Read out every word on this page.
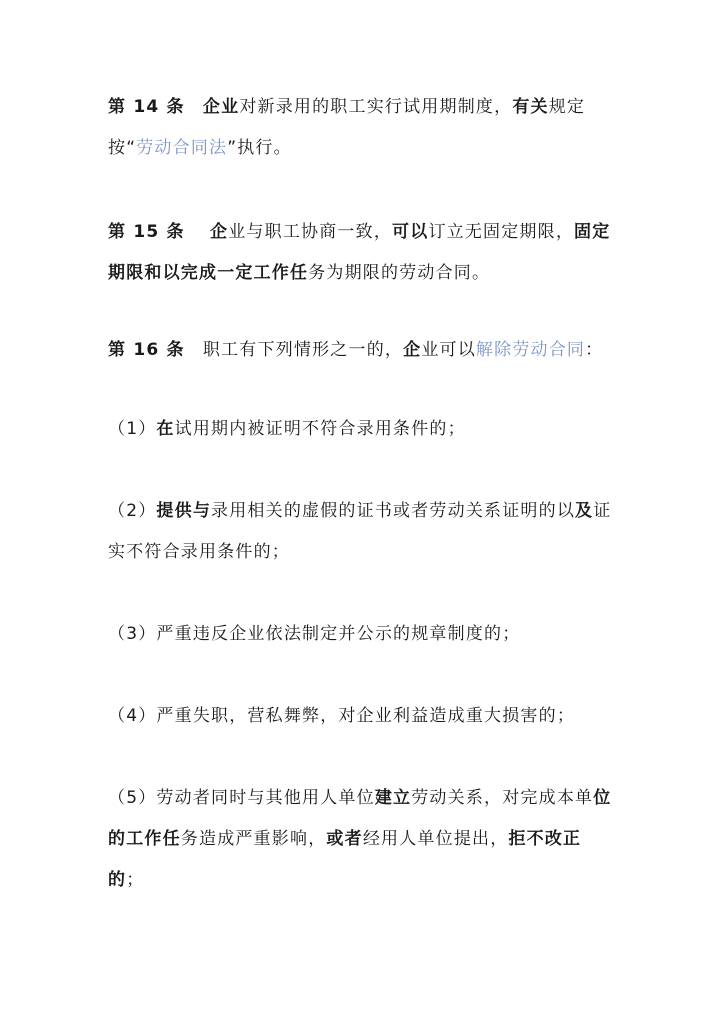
第 14 条　企业对新录用的职工实行试用期制度，有关规定按“劳动合同法”执行。

第 15 条　 企业与职工协商一致，可以订立无固定期限，固定期限和以完成一定工作任务为期限的劳动合同。

第 16 条　职工有下列情形之一的，企业可以解除劳动合同：

（1）在试用期内被证明不符合录用条件的；

（2）提供与录用相关的虚假的证书或者劳动关系证明的以及证实不符合录用条件的；

（3）严重违反企业依法制定并公示的规章制度的；

（4）严重失职，营私舞弊，对企业利益造成重大损害的；

（5）劳动者同时与其他用人单位建立劳动关系，对完成本单位的工作任务造成严重影响，或者经用人单位提出，拒不改正的；
